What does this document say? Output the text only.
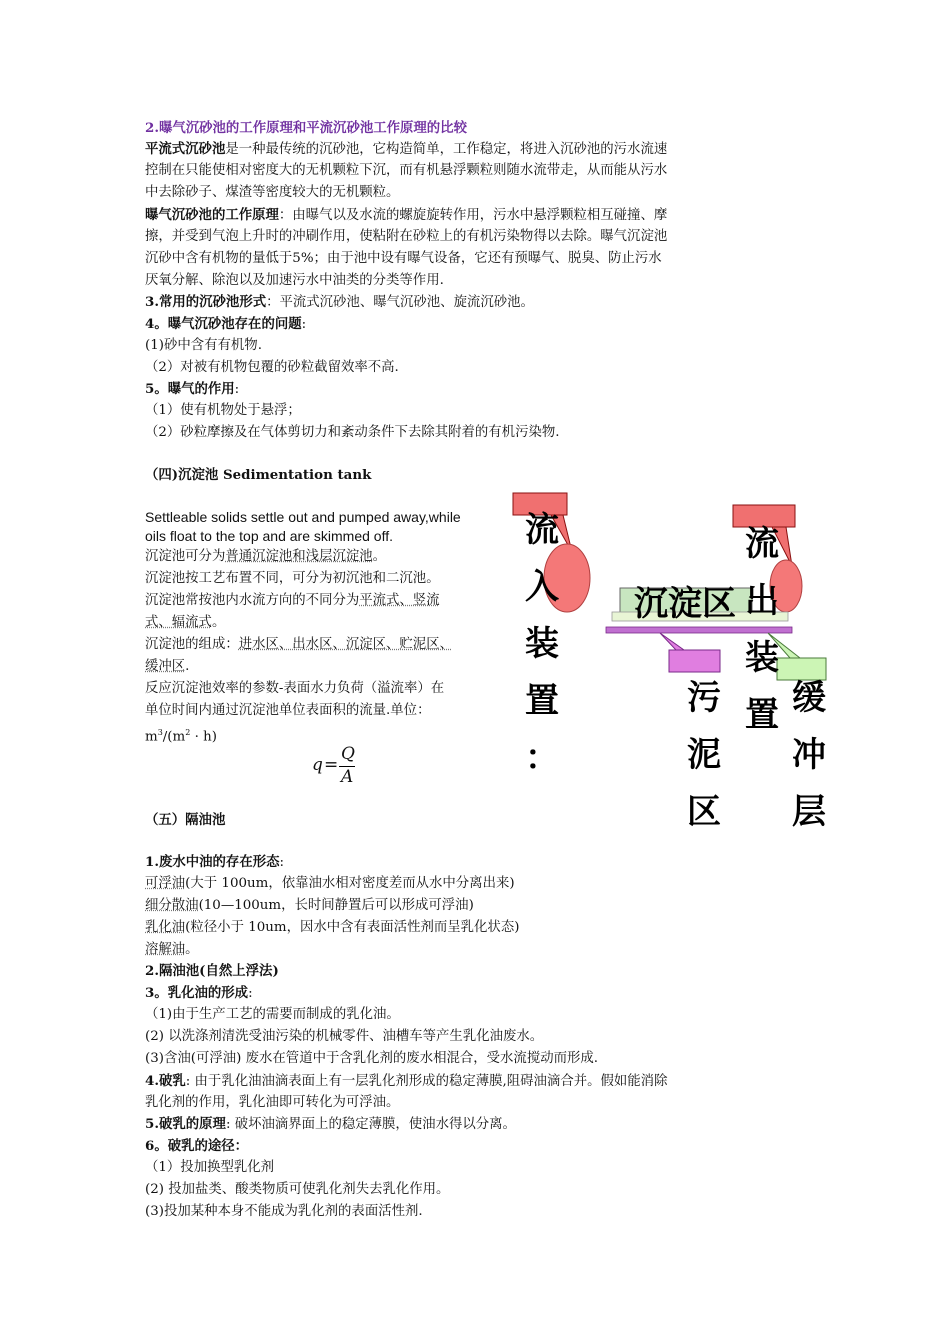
2.曝气沉砂池的工作原理和平流沉砂池工作原理的比较
平流式沉砂池是一种最传统的沉砂池，它构造简单，工作稳定，将进入沉砂池的污水流速
控制在只能使相对密度大的无机颗粒下沉，而有机悬浮颗粒则随水流带走，从而能从污水
中去除砂子、煤渣等密度较大的无机颗粒。
曝气沉砂池的工作原理：由曝气以及水流的螺旋旋转作用，污水中悬浮颗粒相互碰撞、摩
擦，并受到气泡上升时的冲刷作用，使粘附在砂粒上的有机污染物得以去除。曝气沉淀池
沉砂中含有机物的量低于5%；由于池中设有曝气设备，它还有预曝气、脱臭、防止污水
厌氧分解、除泡以及加速污水中油类的分类等作用.
3.常用的沉砂池形式：平流式沉砂池、曝气沉砂池、旋流沉砂池。
4。曝气沉砂池存在的问题:
(1)砂中含有有机物.
（2）对被有机物包覆的砂粒截留效率不高.
5。曝气的作用:
（1）使有机物处于悬浮；
（2）砂粒摩擦及在气体剪切力和紊动条件下去除其附着的有机污染物.
（四)沉淀池 Sedimentation tank
Settleable solids settle out and pumped away,while
oils float to the top and are skimmed off.
沉淀池可分为普通沉淀池和浅层沉淀池。
沉淀池按工艺布置不同，可分为初沉池和二沉池。
沉淀池常按池内水流方向的不同分为平流式、竖流
式、辐流式。
沉淀池的组成：进水区、出水区、沉淀区、贮泥区、
缓冲区.
反应沉淀池效率的参数-表面水力负荷（溢流率）在
单位时间内通过沉淀池单位表面积的流量.单位：
$m^3/(m^2 \cdot h)$
q =
Q
A
流
入
装
置
：
流
出
装
置
沉淀区
污
泥
区
缓
冲
层
（五）隔油池
1.废水中油的存在形态:
可浮油(大于 100um，依靠油水相对密度差而从水中分离出来)
细分散油(10—100um，长时间静置后可以形成可浮油)
乳化油(粒径小于 10um，因水中含有表面活性剂而呈乳化状态)
溶解油。
2.隔油池(自然上浮法)
3。乳化油的形成:
（1)由于生产工艺的需要而制成的乳化油。
(2) 以洗涤剂清洗受油污染的机械零件、油槽车等产生乳化油废水。
(3)含油(可浮油) 废水在管道中于含乳化剂的废水相混合，受水流搅动而形成.
4.破乳: 由于乳化油油滴表面上有一层乳化剂形成的稳定薄膜,阻碍油滴合并。假如能消除
乳化剂的作用，乳化油即可转化为可浮油。
5.破乳的原理: 破坏油滴界面上的稳定薄膜，使油水得以分离。
6。破乳的途径：
（1）投加换型乳化剂
(2) 投加盐类、酸类物质可使乳化剂失去乳化作用。
(3)投加某种本身不能成为乳化剂的表面活性剂.
